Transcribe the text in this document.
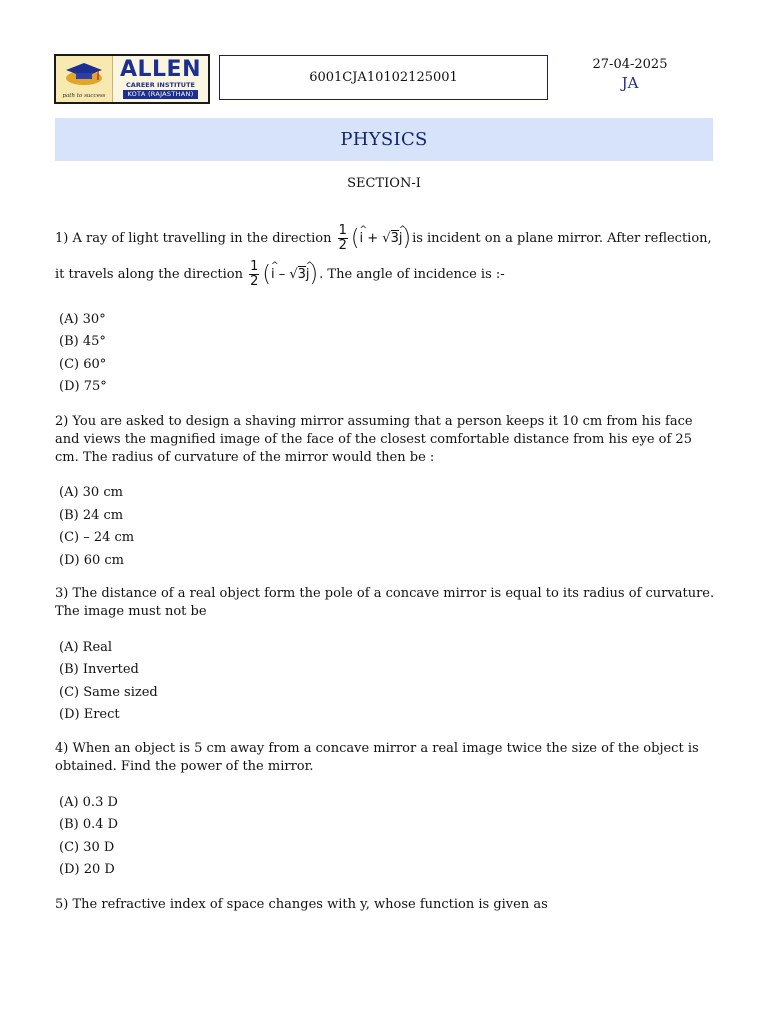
path to success
ALLEN
CAREER INSTITUTE
KOTA (RAJASTHAN)
6001CJA10102125001
27-04-2025
JA
PHYSICS
SECTION-I
1) A ray of light travelling in the direction $\frac{1}{2}$ (^ i + √3^ j)is incident on a plane mirror. After reflection,
it travels along the direction $\frac{1}{2}$ (^ i – √3^ j). The angle of incidence is :-
(A) 30°
(B) 45°
(C) 60°
(D) 75°
2) You are asked to design a shaving mirror assuming that a person keeps it 10 cm from his face and views the magnified image of the face of the closest comfortable distance from his eye of 25 cm. The radius of curvature of the mirror would then be :
(A) 30 cm
(B) 24 cm
(C) – 24 cm
(D) 60 cm
3) The distance of a real object form the pole of a concave mirror is equal to its radius of curvature. The image must not be
(A) Real
(B) Inverted
(C) Same sized
(D) Erect
4) When an object is 5 cm away from a concave mirror a real image twice the size of the object is obtained. Find the power of the mirror.
(A) 0.3 D
(B) 0.4 D
(C) 30 D
(D) 20 D
5) The refractive index of space changes with y, whose function is given as
